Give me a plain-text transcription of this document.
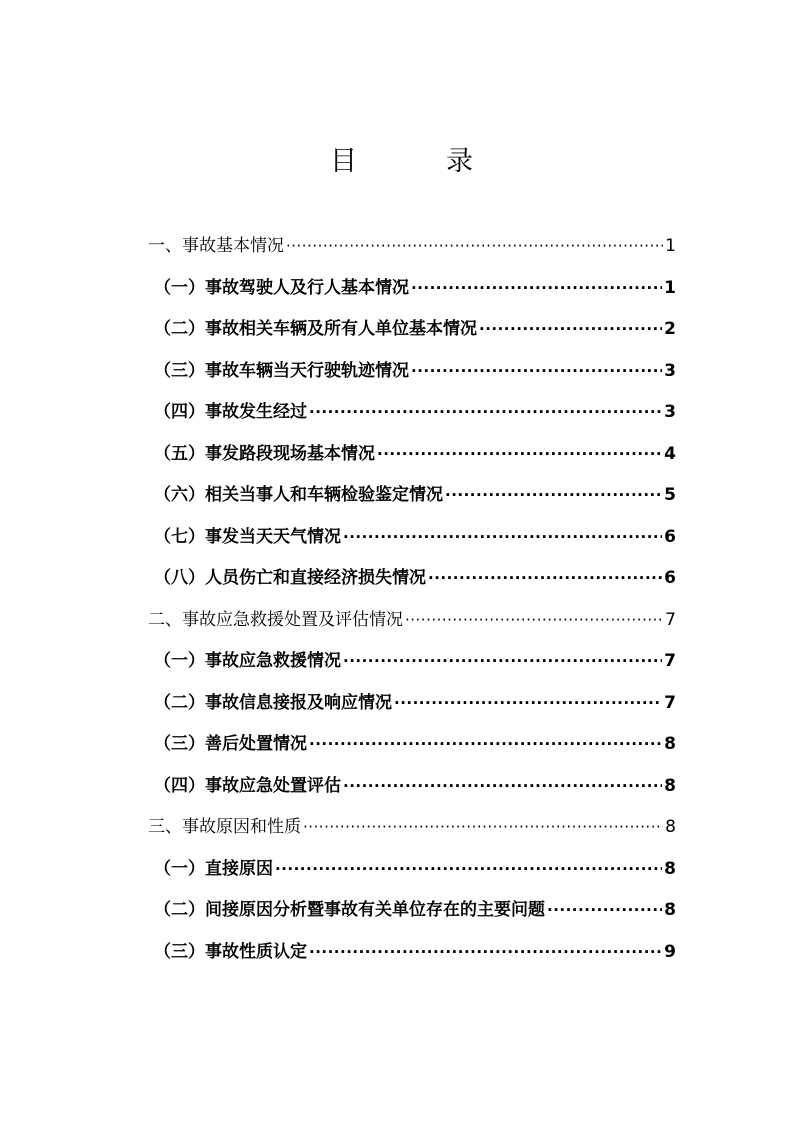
目	录
一、事故基本情况 ·····	1
（一）事故驾驶人及行人基本情况 ·····	1
（二）事故相关车辆及所有人单位基本情况 ·····	2
（三）事故车辆当天行驶轨迹情况 ·····	3
（四）事故发生经过 ·····	3
（五）事发路段现场基本情况 ·····	4
（六）相关当事人和车辆检验鉴定情况 ·····	5
（七）事发当天天气情况 ·····	6
（八）人员伤亡和直接经济损失情况 ·····	6
二、事故应急救援处置及评估情况 ·····	7
（一）事故应急救援情况 ·····	7
（二）事故信息接报及响应情况 ·····	7
（三）善后处置情况 ·····	8
（四）事故应急处置评估 ·····	8
三、事故原因和性质 ·····	8
（一）直接原因 ·····	8
（二）间接原因分析暨事故有关单位存在的主要问题 ·····	8
（三）事故性质认定 ·····	9
